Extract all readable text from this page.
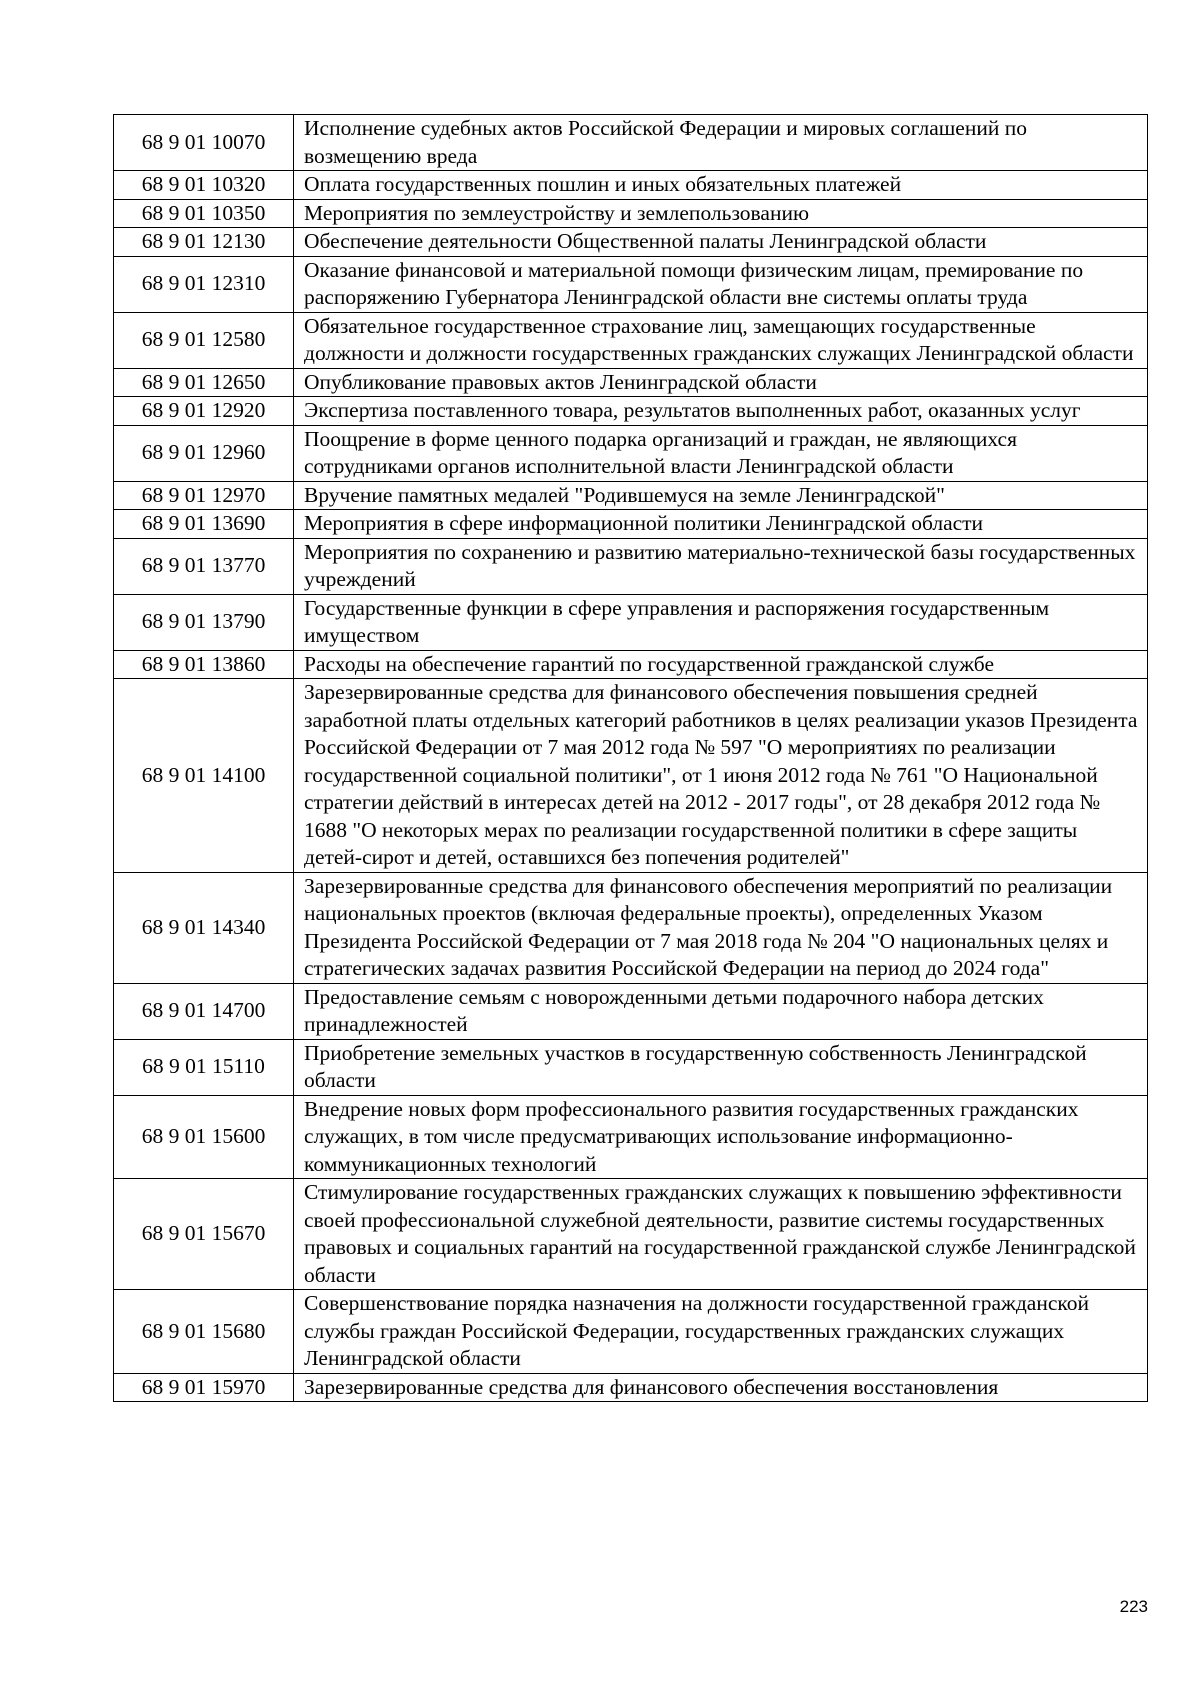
68 9 01 10070	Исполнение судебных актов Российской Федерации и мировых соглашений по возмещению вреда
68 9 01 10320	Оплата государственных пошлин и иных обязательных платежей
68 9 01 10350	Мероприятия по землеустройству и землепользованию
68 9 01 12130	Обеспечение деятельности Общественной палаты Ленинградской области
68 9 01 12310	Оказание финансовой и материальной помощи физическим лицам, премирование по распоряжению Губернатора Ленинградской области вне системы оплаты труда
68 9 01 12580	Обязательное государственное страхование лиц, замещающих государственные должности и должности государственных гражданских служащих Ленинградской области
68 9 01 12650	Опубликование правовых актов Ленинградской области
68 9 01 12920	Экспертиза поставленного товара, результатов выполненных работ, оказанных услуг
68 9 01 12960	Поощрение в форме ценного подарка организаций и граждан, не являющихся сотрудниками органов исполнительной власти Ленинградской области
68 9 01 12970	Вручение памятных медалей "Родившемуся на земле Ленинградской"
68 9 01 13690	Мероприятия в сфере информационной политики Ленинградской области
68 9 01 13770	Мероприятия по сохранению и развитию материально-технической базы государственных учреждений
68 9 01 13790	Государственные функции в сфере управления и распоряжения государственным имуществом
68 9 01 13860	Расходы на обеспечение гарантий по государственной гражданской службе
68 9 01 14100	Зарезервированные средства для финансового обеспечения повышения средней заработной платы отдельных категорий работников в целях реализации указов Президента Российской Федерации от 7 мая 2012 года № 597 "О мероприятиях по реализации государственной социальной политики", от 1 июня 2012 года № 761 "О Национальной стратегии действий в интересах детей на 2012 - 2017 годы", от 28 декабря 2012 года № 1688 "О некоторых мерах по реализации государственной политики в сфере защиты детей-сирот и детей, оставшихся без попечения родителей"
68 9 01 14340	Зарезервированные средства для финансового обеспечения мероприятий по реализации национальных проектов (включая федеральные проекты), определенных Указом Президента Российской Федерации от 7 мая 2018 года № 204 "О национальных целях и стратегических задачах развития Российской Федерации на период до 2024 года"
68 9 01 14700	Предоставление семьям с новорожденными детьми подарочного набора детских принадлежностей
68 9 01 15110	Приобретение земельных участков в государственную собственность Ленинградской области
68 9 01 15600	Внедрение новых форм профессионального развития государственных гражданских служащих, в том числе предусматривающих использование информационно-коммуникационных технологий
68 9 01 15670	Стимулирование государственных гражданских служащих к повышению эффективности своей профессиональной служебной деятельности, развитие системы государственных правовых и социальных гарантий на государственной гражданской службе Ленинградской области
68 9 01 15680	Совершенствование порядка назначения на должности государственной гражданской службы граждан Российской Федерации, государственных гражданских служащих Ленинградской области
68 9 01 15970	Зарезервированные средства для финансового обеспечения восстановления
223
